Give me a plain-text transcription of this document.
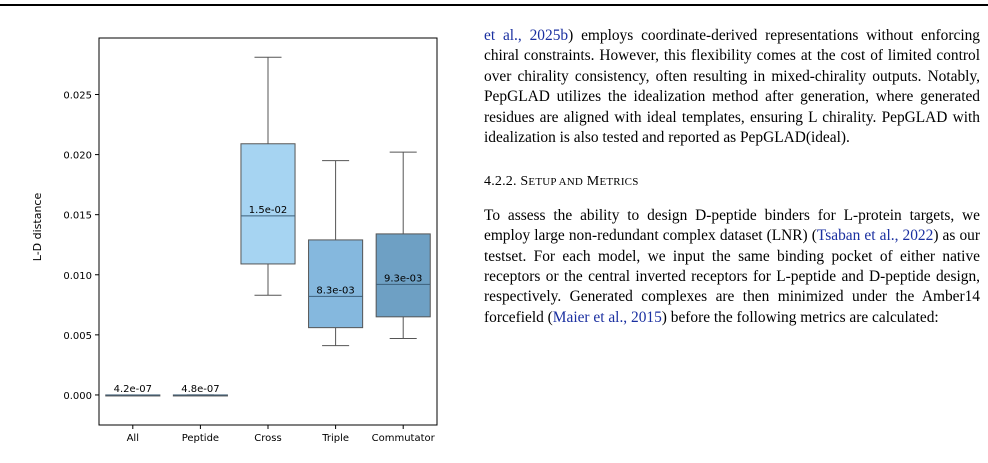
0.000
0.005
0.010
0.015
0.020
0.025
All
4.2e-07
Peptide
4.8e-07
Cross
1.5e-02
Triple
8.3e-03
Commutator
9.3e-03
L-D distance

et al., 2025b) employs coordinate-derived representations without enforcing chiral constraints. However, this flexibility comes at the cost of limited control over chirality consistency, often resulting in mixed-chirality outputs. Notably, PepGLAD utilizes the idealization method after generation, where generated residues are aligned with ideal templates, ensuring L chirality. PepGLAD with idealization is also tested and reported as PepGLAD(ideal).

4.2.2. SETUP AND METRICS

To assess the ability to design D-peptide binders for L-protein targets, we employ large non-redundant complex dataset (LNR) (Tsaban et al., 2022) as our testset. For each model, we input the same binding pocket of either native receptors or the central inverted receptors for L-peptide and D-peptide design, respectively. Generated complexes are then minimized under the Amber14 forcefield (Maier et al., 2015) before the following metrics are calculated:
